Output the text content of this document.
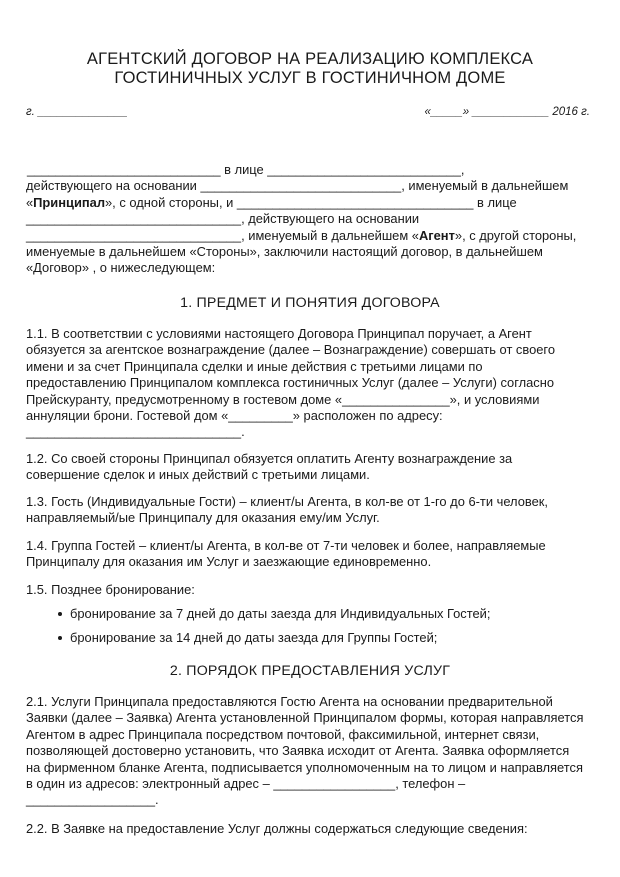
АГЕНТСКИЙ ДОГОВОР НА РЕАЛИЗАЦИЮ КОМПЛЕКСА
ГОСТИНИЧНЫХ УСЛУГ В ГОСТИНИЧНОМ ДОМЕ
г. ______________	«_____» ____________ 2016 г.
___________________________ в лице ___________________________,
действующего на основании ____________________________, именуемый в дальнейшем
«Принципал», с одной стороны, и _________________________________ в лице
______________________________, действующего на основании
______________________________, именуемый в дальнейшем «Агент», с другой стороны,
именуемые в дальнейшем «Стороны», заключили настоящий договор, в дальнейшем
«Договор» , о нижеследующем:
1. ПРЕДМЕТ И ПОНЯТИЯ ДОГОВОРА
1.1. В соответствии с условиями настоящего Договора Принципал поручает, а Агент
обязуется за агентское вознаграждение (далее – Вознаграждение) совершать от своего
имени и за счет Принципала сделки и иные действия с третьими лицами по
предоставлению Принципалом комплекса гостиничных Услуг (далее – Услуги) согласно
Прейскуранту, предусмотренному в гостевом доме «_______________», и условиями
аннуляции брони. Гостевой дом «_________» расположен по адресу:
______________________________.
1.2. Со своей стороны Принципал обязуется оплатить Агенту вознаграждение за
совершение сделок и иных действий с третьими лицами.
1.3. Гость (Индивидуальные Гости) – клиент/ы Агента, в кол-ве от 1-го до 6-ти человек,
направляемый/ые Принципалу для оказания ему/им Услуг.
1.4. Группа Гостей – клиент/ы Агента, в кол-ве от 7-ти человек и более, направляемые
Принципалу для оказания им Услуг и заезжающие единовременно.
1.5. Позднее бронирование:
бронирование за 7 дней до даты заезда для Индивидуальных Гостей;
бронирование за 14 дней до даты заезда для Группы Гостей;
2. ПОРЯДОК ПРЕДОСТАВЛЕНИЯ УСЛУГ
2.1. Услуги Принципала предоставляются Гостю Агента на основании предварительной
Заявки (далее – Заявка) Агента установленной Принципалом формы, которая направляется
Агентом в адрес Принципала посредством почтовой, факсимильной, интернет связи,
позволяющей достоверно установить, что Заявка исходит от Агента. Заявка оформляется
на фирменном бланке Агента, подписывается уполномоченным на то лицом и направляется
в один из адресов: электронный адрес – _________________, телефон –
__________________.
2.2. В Заявке на предоставление Услуг должны содержаться следующие сведения:
